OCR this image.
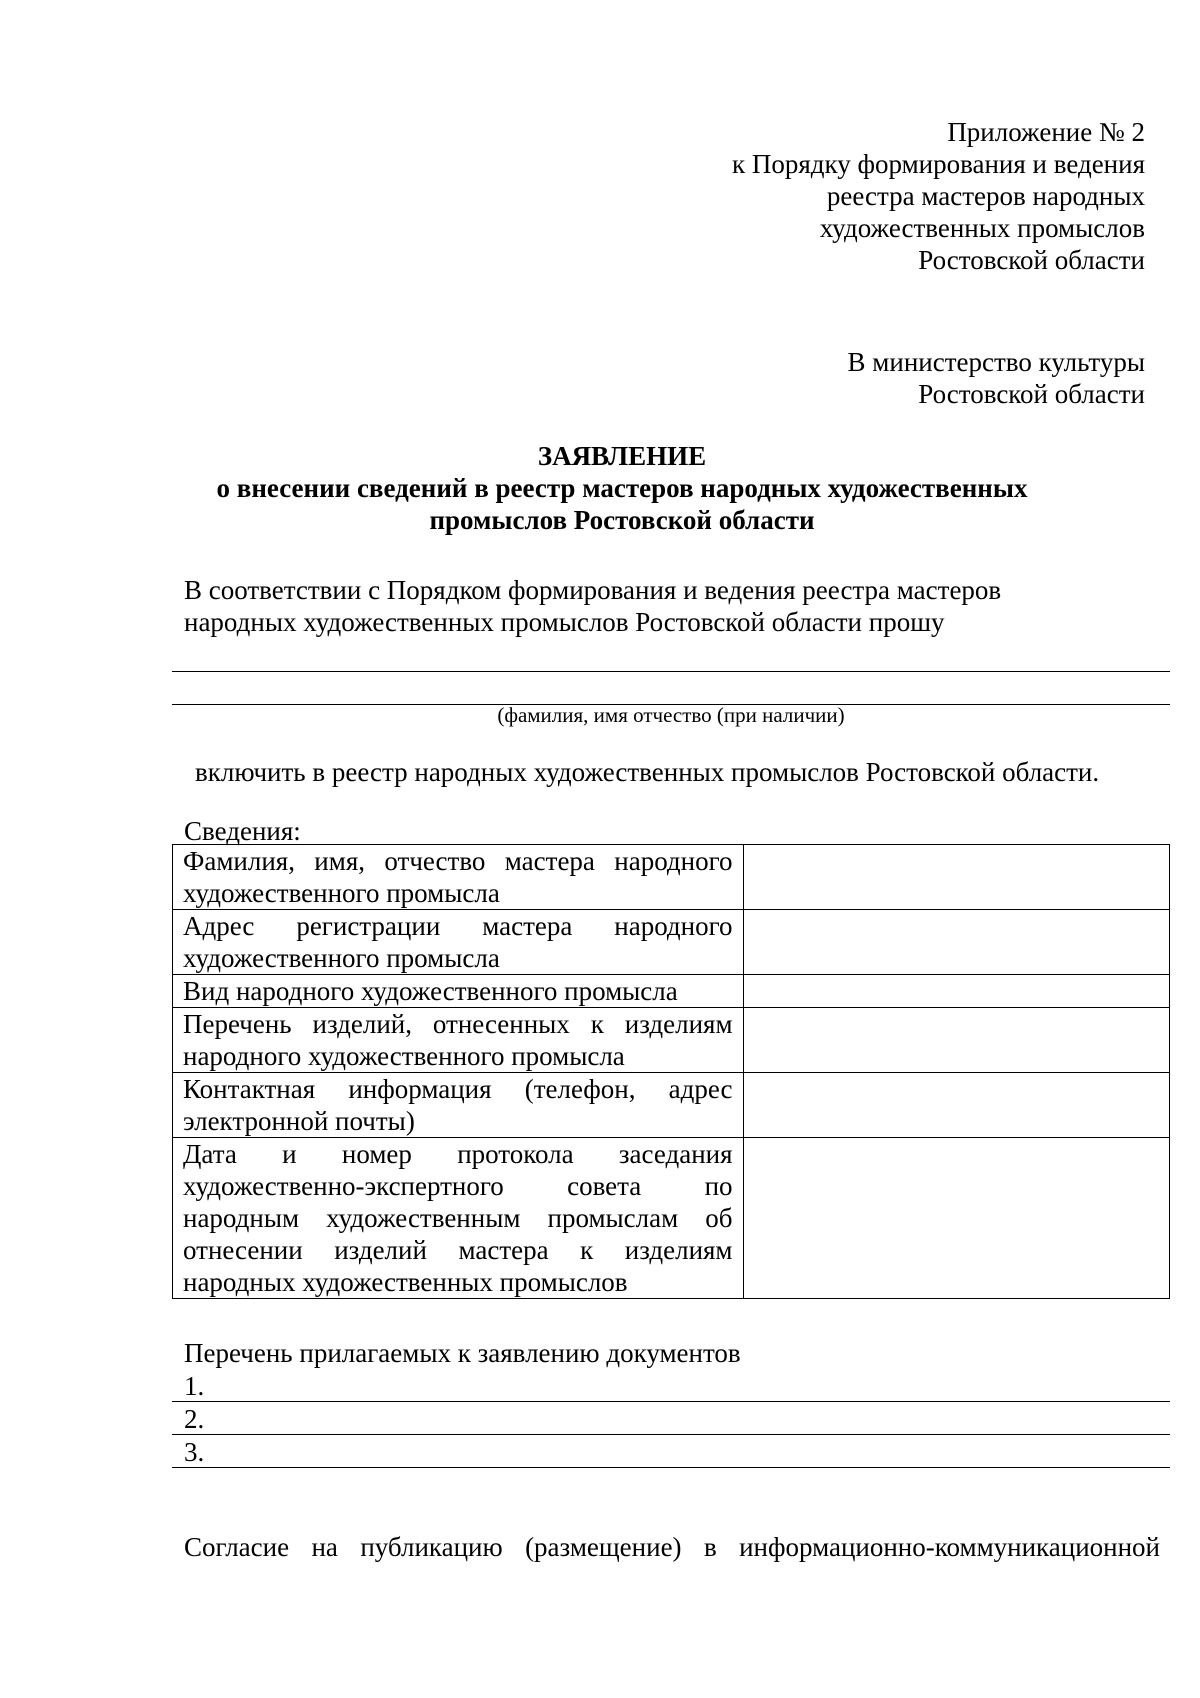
Приложение № 2
к Порядку формирования и ведения
реестра мастеров народных
художественных промыслов
Ростовской области
В министерство культуры
Ростовской области
ЗАЯВЛЕНИЕ
о внесении сведений в реестр мастеров народных художественных
промыслов Ростовской области
В соответствии с Порядком формирования и ведения реестра мастеров
народных художественных промыслов Ростовской области прошу
(фамилия, имя отчество (при наличии)
включить в реестр народных художественных промыслов Ростовской области.
Сведения:
Фамилия, имя, отчество мастера народного художественного промысла	
Адрес регистрации мастера народного художественного промысла	
Вид народного художественного промысла	
Перечень изделий, отнесенных к изделиям народного художественного промысла	
Контактная информация (телефон, адрес электронной почты)	
Дата и номер протокола заседания художественно-экспертного совета по народным художественным промыслам об отнесении изделий мастера к изделиям народных художественных промыслов	
Перечень прилагаемых к заявлению документов
1.
2.
3.
Согласие на публикацию (размещение) в информационно-коммуникационной
